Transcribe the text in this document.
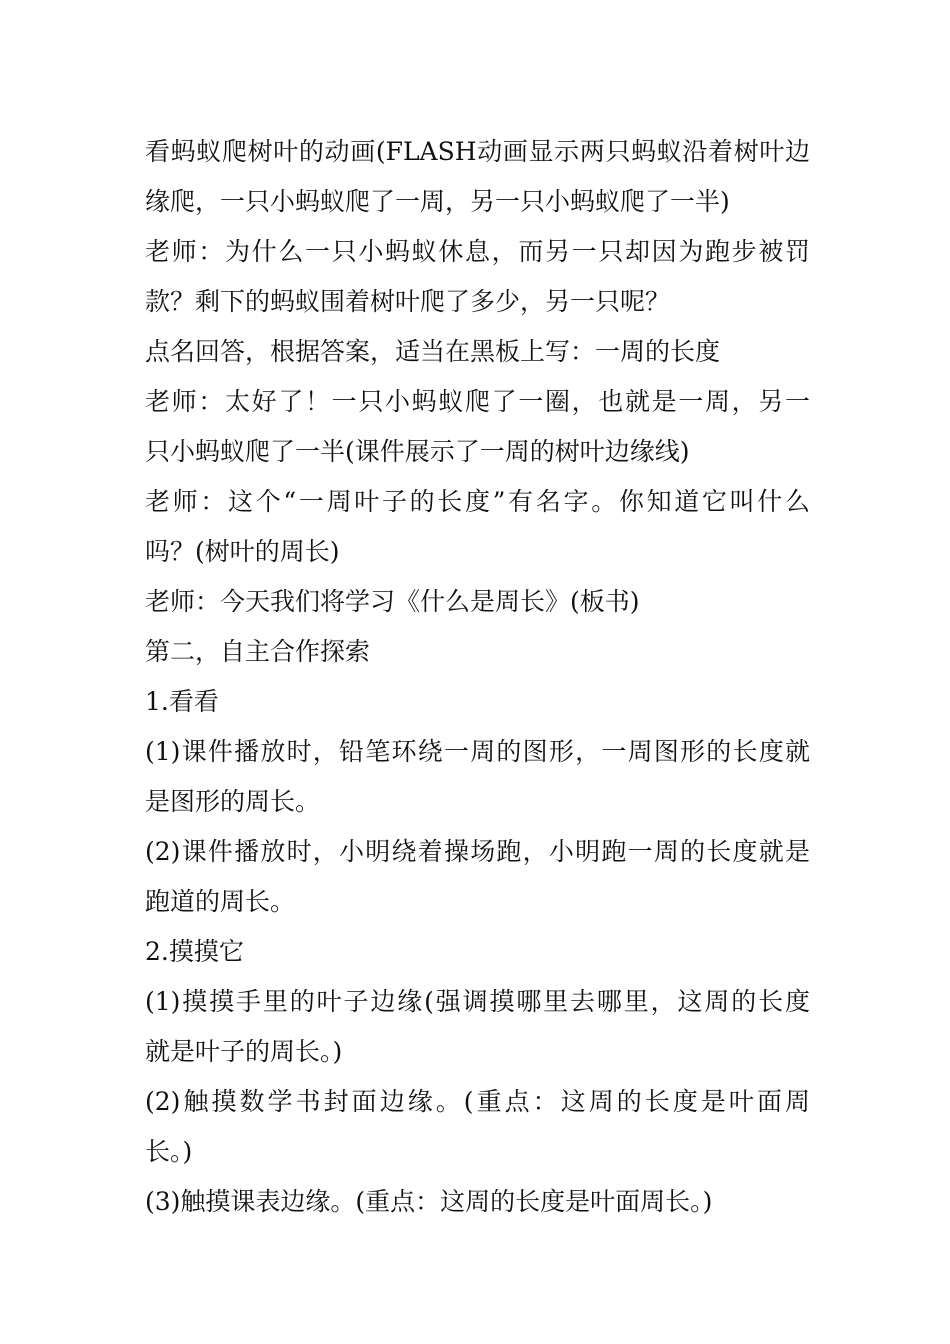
看蚂蚁爬树叶的动画(FLASH动画显示两只蚂蚁沿着树叶边
缘爬，一只小蚂蚁爬了一周，另一只小蚂蚁爬了一半)
老师：为什么一只小蚂蚁休息，而另一只却因为跑步被罚
款？剩下的蚂蚁围着树叶爬了多少，另一只呢？
点名回答，根据答案，适当在黑板上写：一周的长度
老师：太好了！一只小蚂蚁爬了一圈，也就是一周，另一
只小蚂蚁爬了一半(课件展示了一周的树叶边缘线)
老师：这个“一周叶子的长度”有名字。你知道它叫什么
吗？(树叶的周长)
老师：今天我们将学习《什么是周长》(板书)
第二，自主合作探索
1.看看
(1)课件播放时，铅笔环绕一周的图形，一周图形的长度就
是图形的周长。
(2)课件播放时，小明绕着操场跑，小明跑一周的长度就是
跑道的周长。
2.摸摸它
(1)摸摸手里的叶子边缘(强调摸哪里去哪里，这周的长度
就是叶子的周长。)
(2)触摸数学书封面边缘。(重点：这周的长度是叶面周
长。)
(3)触摸课表边缘。(重点：这周的长度是叶面周长。)
